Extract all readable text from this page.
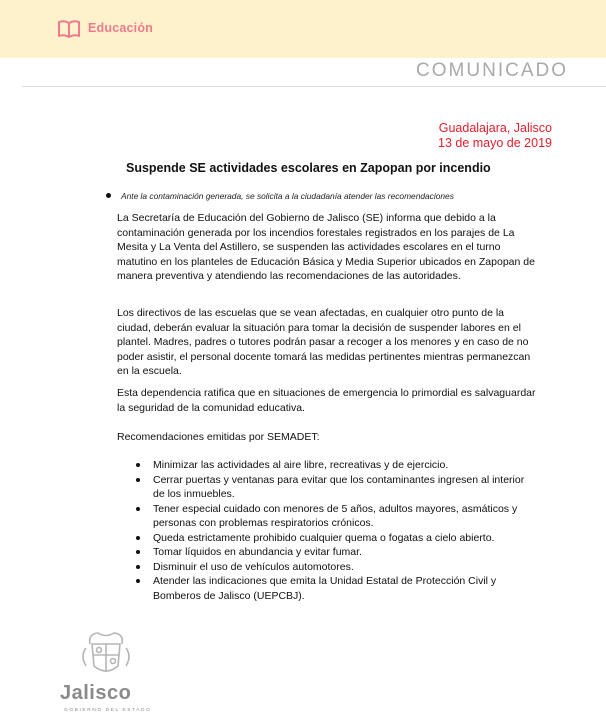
Educación
COMUNICADO
Guadalajara, Jalisco
13 de mayo de 2019
Suspende SE actividades escolares en Zapopan por incendio
Ante la contaminación generada, se solicita a la ciudadanía atender las recomendaciones

La Secretaría de Educación del Gobierno de Jalisco (SE) informa que debido a la contaminación generada por los incendios forestales registrados en los parajes de La Mesita y La Venta del Astillero, se suspenden las actividades escolares en el turno matutino en los planteles de Educación Básica y Media Superior ubicados en Zapopan de manera preventiva y atendiendo las recomendaciones de las autoridades.

Los directivos de las escuelas que se vean afectadas, en cualquier otro punto de la ciudad, deberán evaluar la situación para tomar la decisión de suspender labores en el plantel. Madres, padres o tutores podrán pasar a recoger a los menores y en caso de no poder asistir, el personal docente tomará las medidas pertinentes mientras permanezcan en la escuela.

Esta dependencia ratifica que en situaciones de emergencia lo primordial es salvaguardar la seguridad de la comunidad educativa.

Recomendaciones emitidas por SEMADET:

Minimizar las actividades al aire libre, recreativas y de ejercicio.
Cerrar puertas y ventanas para evitar que los contaminantes ingresen al interior de los inmuebles.
Tener especial cuidado con menores de 5 años, adultos mayores, asmáticos y personas con problemas respiratorios crónicos.
Queda estrictamente prohibido cualquier quema o fogatas a cielo abierto.
Tomar líquidos en abundancia y evitar fumar.
Disminuir el uso de vehículos automotores.
Atender las indicaciones que emita la Unidad Estatal de Protección Civil y Bomberos de Jalisco (UEPCBJ).
Jalisco
GOBIERNO DEL ESTADO
